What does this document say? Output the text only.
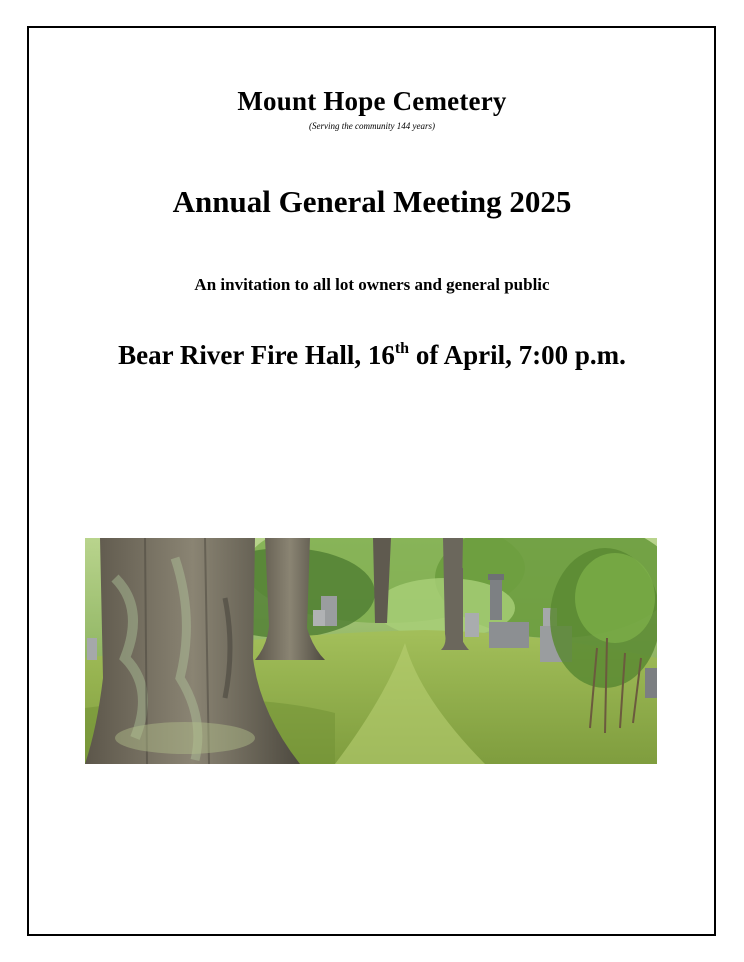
Mount Hope Cemetery
(Serving the community 144 years)
Annual General Meeting 2025
An invitation to all lot owners and general public
Bear River Fire Hall, 16th of April, 7:00 p.m.
